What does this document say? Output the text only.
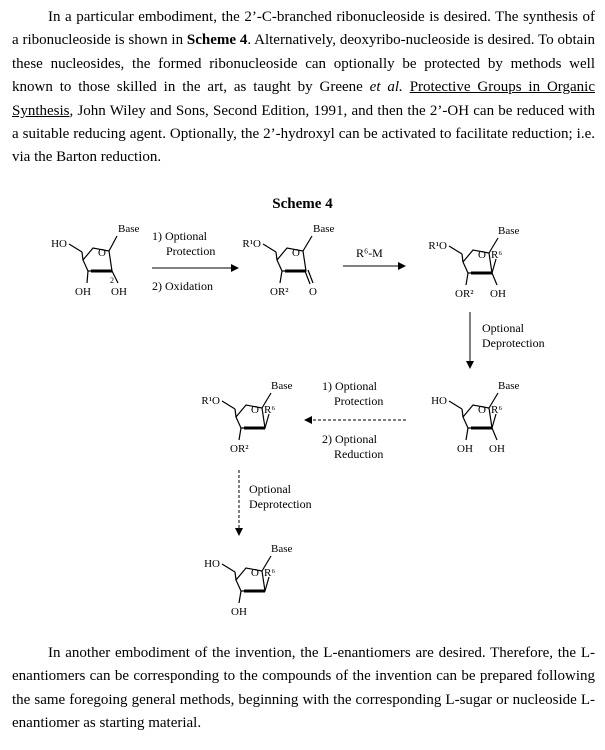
In a particular embodiment, the 2’-C-branched ribonucleoside is desired. The synthesis of a ribonucleoside is shown in Scheme 4. Alternatively, deoxyribo-nucleoside is desired. To obtain these nucleosides, the formed ribonucleoside can optionally be protected by methods well known to those skilled in the art, as taught by Greene et al. Protective Groups in Organic Synthesis, John Wiley and Sons, Second Edition, 1991, and then the 2’-OH can be reduced with a suitable reducing agent. Optionally, the 2’-hydroxyl can be activated to facilitate reduction; i.e. via the Barton reduction.

Scheme 4

HO
Base
O
OH OH
2
1) Optional
Protection
2) Oxidation
R¹O
Base
O
OR² O
R⁶-M	R¹O
Base
O R⁶
OR² OH
Optional
Deprotection
HO
Base
O R⁶
OH OH
1) Optional
Protection
2) Optional
Reduction
R¹O
Base
O R⁶
OR²
Optional
Deprotection
HO
Base
O R⁶
OH

In another embodiment of the invention, the L-enantiomers are desired. Therefore, the L-enantiomers can be corresponding to the compounds of the invention can be prepared following the same foregoing general methods, beginning with the corresponding L-sugar or nucleoside L-enantiomer as starting material.
